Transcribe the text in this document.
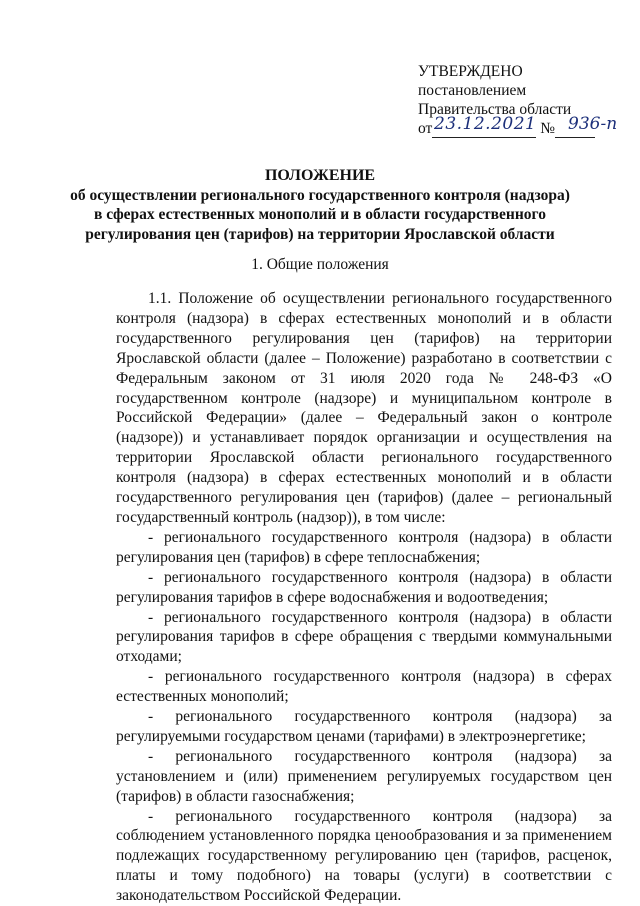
УТВЕРЖДЕНО
постановлением
Правительства области
от	№
23.12.2021 936-п
ПОЛОЖЕНИЕ
об осуществлении регионального государственного контроля (надзора)
в сферах естественных монополий и в области государственного
регулирования цен (тарифов) на территории Ярославской области
1. Общие положения

1.1. Положение об осуществлении регионального государственного контроля (надзора) в сферах естественных монополий и в области государственного регулирования цен (тарифов) на территории Ярославской области (далее – Положение) разработано в соответствии с Федеральным законом от 31 июля 2020 года № 248-ФЗ «О государственном контроле (надзоре) и муниципальном контроле в Российской Федерации» (далее – Федеральный закон о контроле (надзоре)) и устанавливает порядок организации и осуществления на территории Ярославской области регионального государственного контроля (надзора) в сферах естественных монополий и в области государственного регулирования цен (тарифов) (далее – региональный государственный контроль (надзор)), в том числе:

- регионального государственного контроля (надзора) в области регулирования цен (тарифов) в сфере теплоснабжения;

- регионального государственного контроля (надзора) в области регулирования тарифов в сфере водоснабжения и водоотведения;

- регионального государственного контроля (надзора) в области регулирования тарифов в сфере обращения с твердыми коммунальными отходами;

- регионального государственного контроля (надзора) в сферах естественных монополий;

- регионального государственного контроля (надзора) за регулируемыми государством ценами (тарифами) в электроэнергетике;

- регионального государственного контроля (надзора) за установлением и (или) применением регулируемых государством цен (тарифов) в области газоснабжения;

- регионального государственного контроля (надзора) за соблюдением установленного порядка ценообразования и за применением подлежащих государственному регулированию цен (тарифов, расценок, платы и тому подобного) на товары (услуги) в соответствии с законодательством Российской Федерации.
